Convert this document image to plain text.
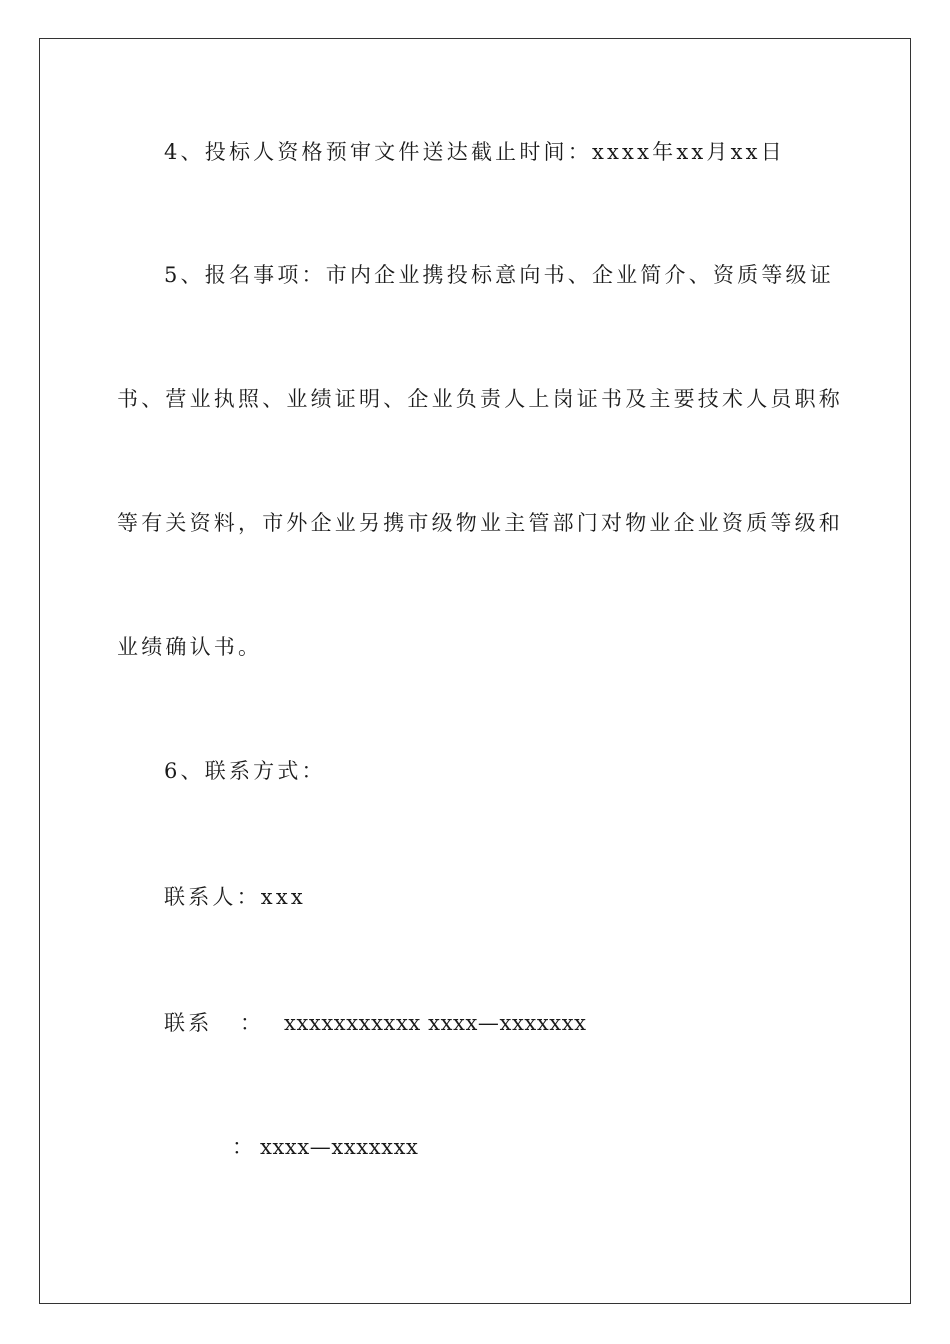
4、投标人资格预审文件送达截止时间：xxxx年xx月xx日
5、报名事项：市内企业携投标意向书、企业简介、资质等级证
书、营业执照、业绩证明、企业负责人上岗证书及主要技术人员职称
等有关资料，市外企业另携市级物业主管部门对物业企业资质等级和
业绩确认书。
6、联系方式：
联系人：xxx
联系 ： xxxxxxxxxxx xxxx—xxxxxxx
： xxxx—xxxxxxx
